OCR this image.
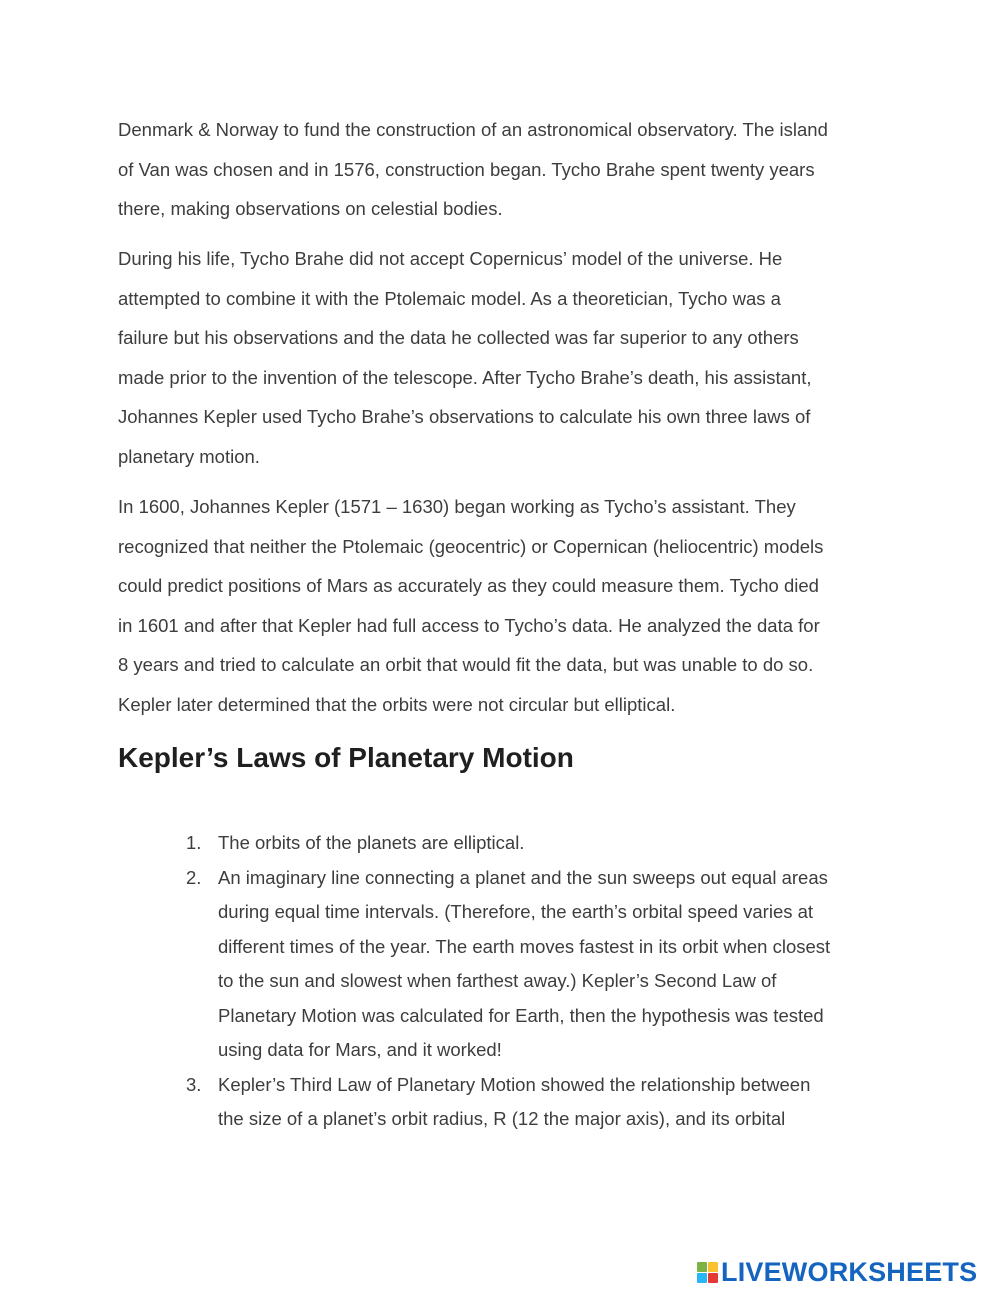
Denmark & Norway to fund the construction of an astronomical observatory. The island
of Van was chosen and in 1576, construction began. Tycho Brahe spent twenty years
there, making observations on celestial bodies.

During his life, Tycho Brahe did not accept Copernicus’ model of the universe. He
attempted to combine it with the Ptolemaic model. As a theoretician, Tycho was a
failure but his observations and the data he collected was far superior to any others
made prior to the invention of the telescope. After Tycho Brahe’s death, his assistant,
Johannes Kepler used Tycho Brahe’s observations to calculate his own three laws of
planetary motion.

In 1600, Johannes Kepler (1571 – 1630) began working as Tycho’s assistant. They
recognized that neither the Ptolemaic (geocentric) or Copernican (heliocentric) models
could predict positions of Mars as accurately as they could measure them. Tycho died
in 1601 and after that Kepler had full access to Tycho’s data. He analyzed the data for
8 years and tried to calculate an orbit that would fit the data, but was unable to do so.
Kepler later determined that the orbits were not circular but elliptical.

Kepler’s Laws of Planetary Motion
1. The orbits of the planets are elliptical.
2. An imaginary line connecting a planet and the sun sweeps out equal areas
during equal time intervals. (Therefore, the earth’s orbital speed varies at
different times of the year. The earth moves fastest in its orbit when closest
to the sun and slowest when farthest away.) Kepler’s Second Law of
Planetary Motion was calculated for Earth, then the hypothesis was tested
using data for Mars, and it worked!
3. Kepler’s Third Law of Planetary Motion showed the relationship between
the size of a planet’s orbit radius, R (12 the major axis), and its orbital
LIVEWORKSHEETS
